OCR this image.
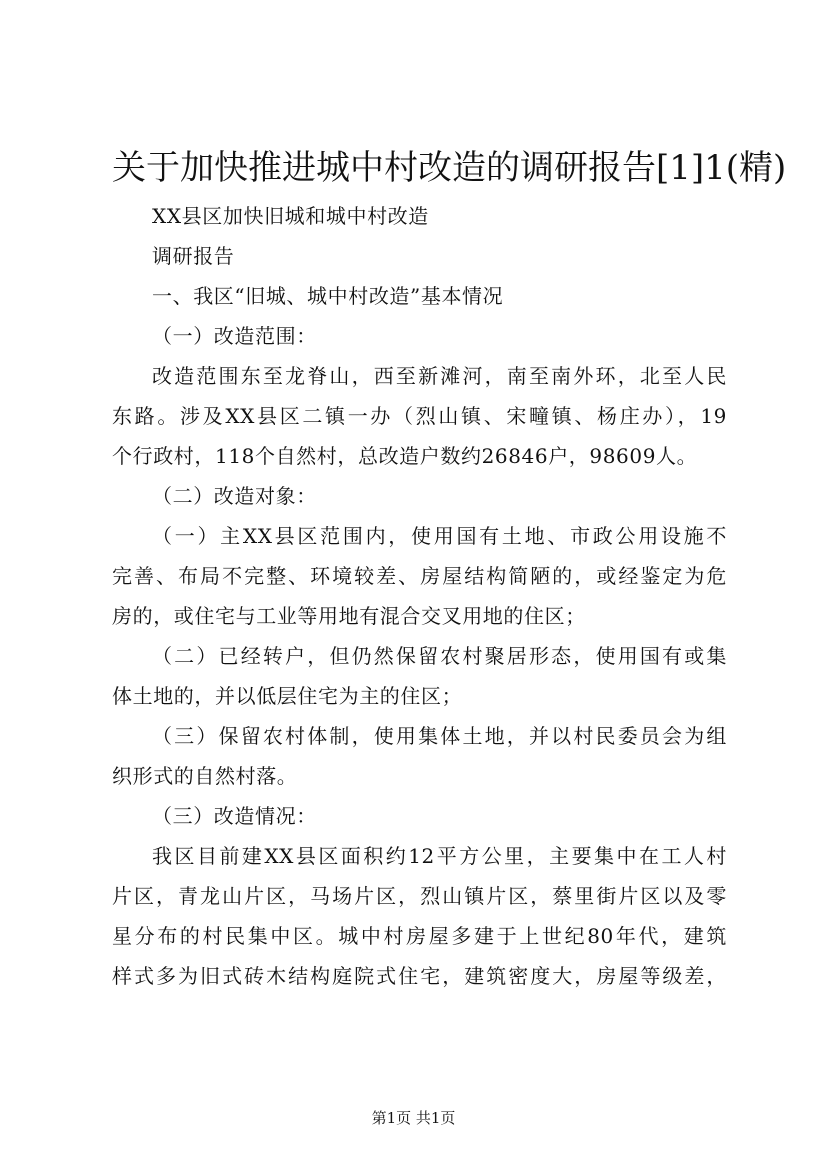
关于加快推进城中村改造的调研报告[1]1(精)
XX县区加快旧城和城中村改造
调研报告
一、我区“旧城、城中村改造”基本情况
（一）改造范围：
改造范围东至龙脊山，西至新滩河，南至南外环，北至人民
东路。涉及XX县区二镇一办（烈山镇、宋疃镇、杨庄办），19
个行政村，118个自然村，总改造户数约26846户，98609人。
（二）改造对象：
（一）主XX县区范围内，使用国有土地、市政公用设施不
完善、布局不完整、环境较差、房屋结构简陋的，或经鉴定为危
房的，或住宅与工业等用地有混合交叉用地的住区；
（二）已经转户，但仍然保留农村聚居形态，使用国有或集
体土地的，并以低层住宅为主的住区；
（三）保留农村体制，使用集体土地，并以村民委员会为组
织形式的自然村落。
（三）改造情况：
我区目前建XX县区面积约12平方公里，主要集中在工人村
片区，青龙山片区，马场片区，烈山镇片区，蔡里街片区以及零
星分布的村民集中区。城中村房屋多建于上世纪80年代，建筑
样式多为旧式砖木结构庭院式住宅，建筑密度大，房屋等级差，
第1页 共1页
